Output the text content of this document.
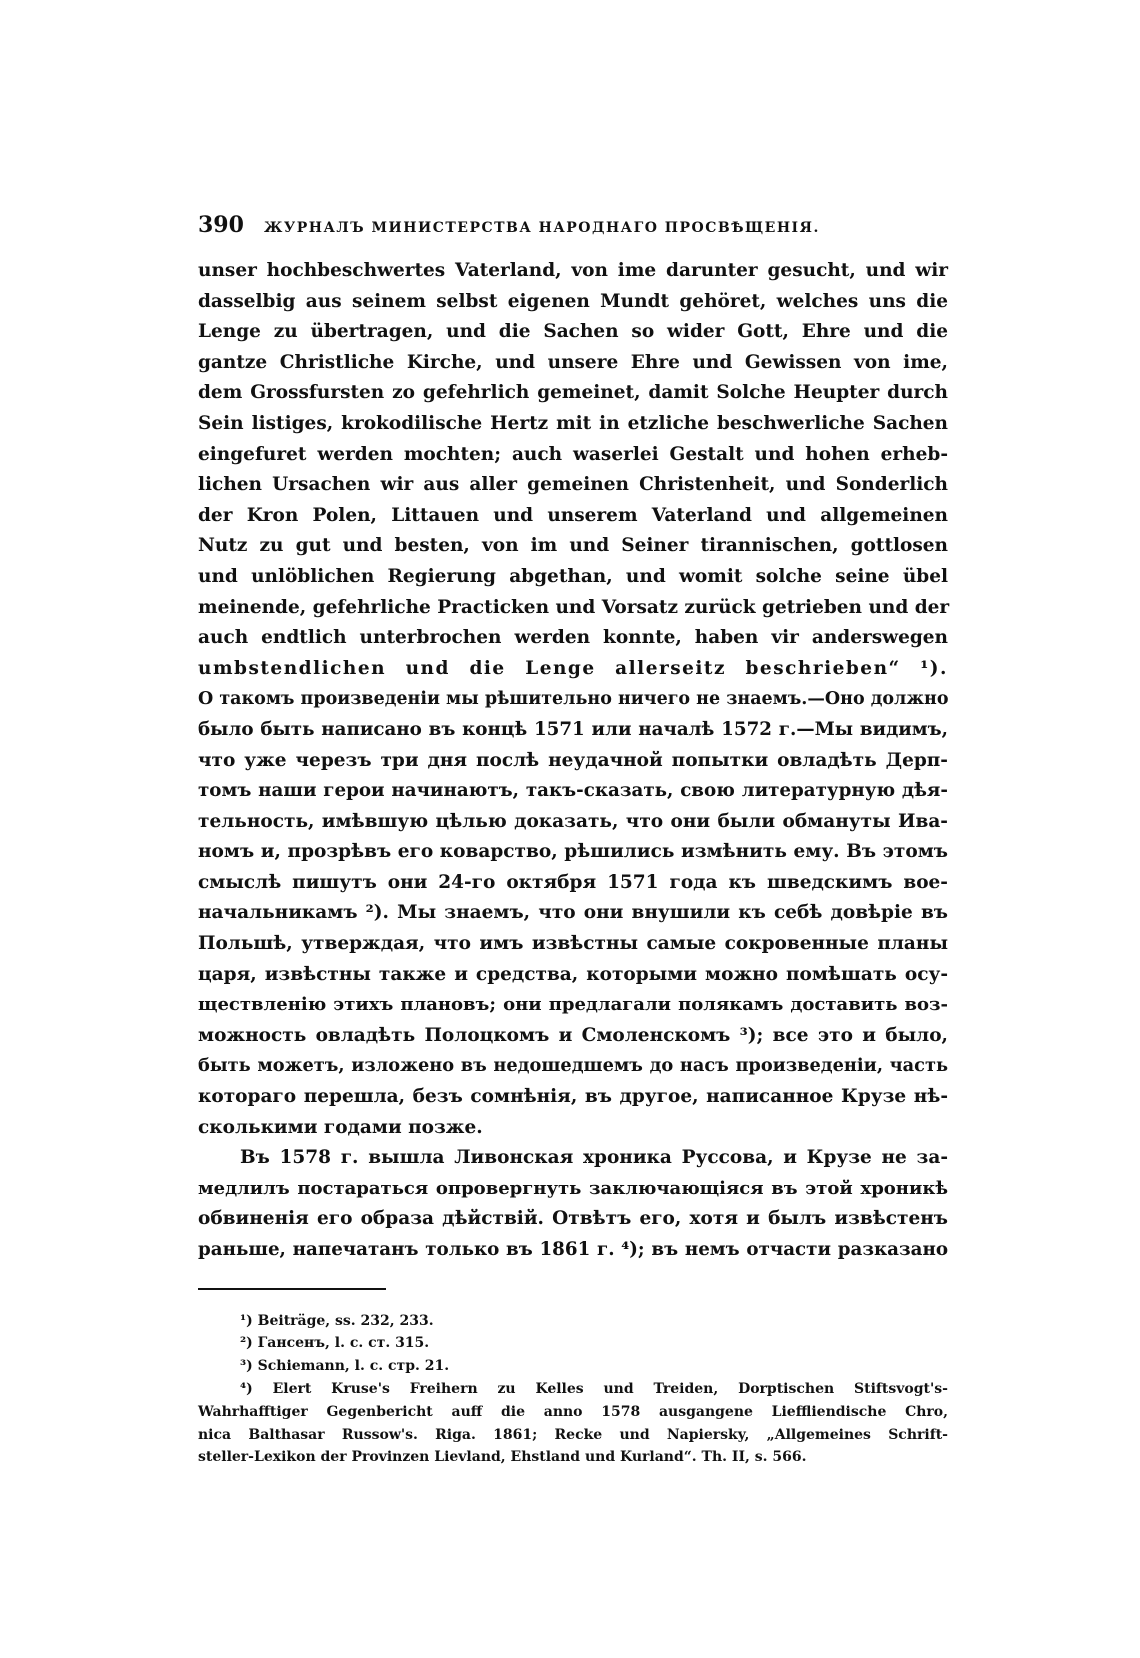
390	ЖУРНАЛЪ МИНИСТЕРСТВА НАРОДНАГО ПРОСВѢЩЕНІЯ.
unser hochbeschwertes Vaterland, von ime darunter gesucht, und wir
dasselbig aus seinem selbst eigenen Mundt gehöret, welches uns die
Lenge zu übertragen, und die Sachen so wider Gott, Ehre und die
gantze Christliche Kirche, und unsere Ehre und Gewissen von ime,
dem Grossfursten zo gefehrlich gemeinet, damit Solche Heupter durch
Sein listiges, krokodilische Hertz mit in etzliche beschwerliche Sachen
eingefuret werden mochten; auch waserlei Gestalt und hohen erheb-
lichen Ursachen wir aus aller gemeinen Christenheit, und Sonderlich
der Kron Polen, Littauen und unserem Vaterland und allgemeinen
Nutz zu gut und besten, von im und Seiner tirannischen, gottlosen
und unlöblichen Regierung abgethan, und womit solche seine übel
meinende, gefehrliche Practicken und Vorsatz zurück getrieben und der
auch endtlich unterbrochen werden konnte, haben vir anderswegen
umbstendlichen und die Lenge allerseitz beschrieben“ ¹).
О такомъ произведеніи мы рѣшительно ничего не знаемъ.—Оно должно
было быть написано въ концѣ 1571 или началѣ 1572 г.—Мы видимъ,
что уже черезъ три дня послѣ неудачной попытки овладѣть Дерп-
томъ наши герои начинаютъ, такъ-сказать, свою литературную дѣя-
тельность, имѣвшую цѣлью доказать, что они были обмануты Ива-
номъ и, прозрѣвъ его коварство, рѣшились измѣнить ему. Въ этомъ
смыслѣ пишутъ они 24-го октября 1571 года къ шведскимъ вое-
начальникамъ ²). Мы знаемъ, что они внушили къ себѣ довѣріе въ
Польшѣ, утверждая, что имъ извѣстны самые сокровенные планы
царя, извѣстны также и средства, которыми можно помѣшать осу-
ществленію этихъ плановъ; они предлагали полякамъ доставить воз-
можность овладѣть Полоцкомъ и Смоленскомъ ³); все это и было,
быть можетъ, изложено въ недошедшемъ до насъ произведеніи, часть
котораго перешла, безъ сомнѣнія, въ другое, написанное Крузе нѣ-
сколькими годами позже.
Въ 1578 г. вышла Ливонская хроника Руссова, и Крузе не за-
медлилъ постараться опровергнуть заключающіяся въ этой хроникѣ
обвиненія его образа дѣйствій. Отвѣтъ его, хотя и былъ извѣстенъ
раньше, напечатанъ только въ 1861 г. ⁴); въ немъ отчасти разказано
¹) Beiträge, ss. 232, 233.
²) Гансенъ, l. c. ст. 315.
³) Schiemann, l. c. стр. 21.
⁴) Elert Kruse's Freihern zu Kelles und Treiden, Dorptischen Stiftsvogt's-
Wahrhafftiger Gegenbericht auff die anno 1578 ausgangene Lieffliendische Chro,
nica Balthasar Russow's. Riga. 1861; Recke und Napiersky, „Allgemeines Schrift-
steller-Lexikon der Provinzen Lievland, Ehstland und Kurland“. Th. II, s. 566.
